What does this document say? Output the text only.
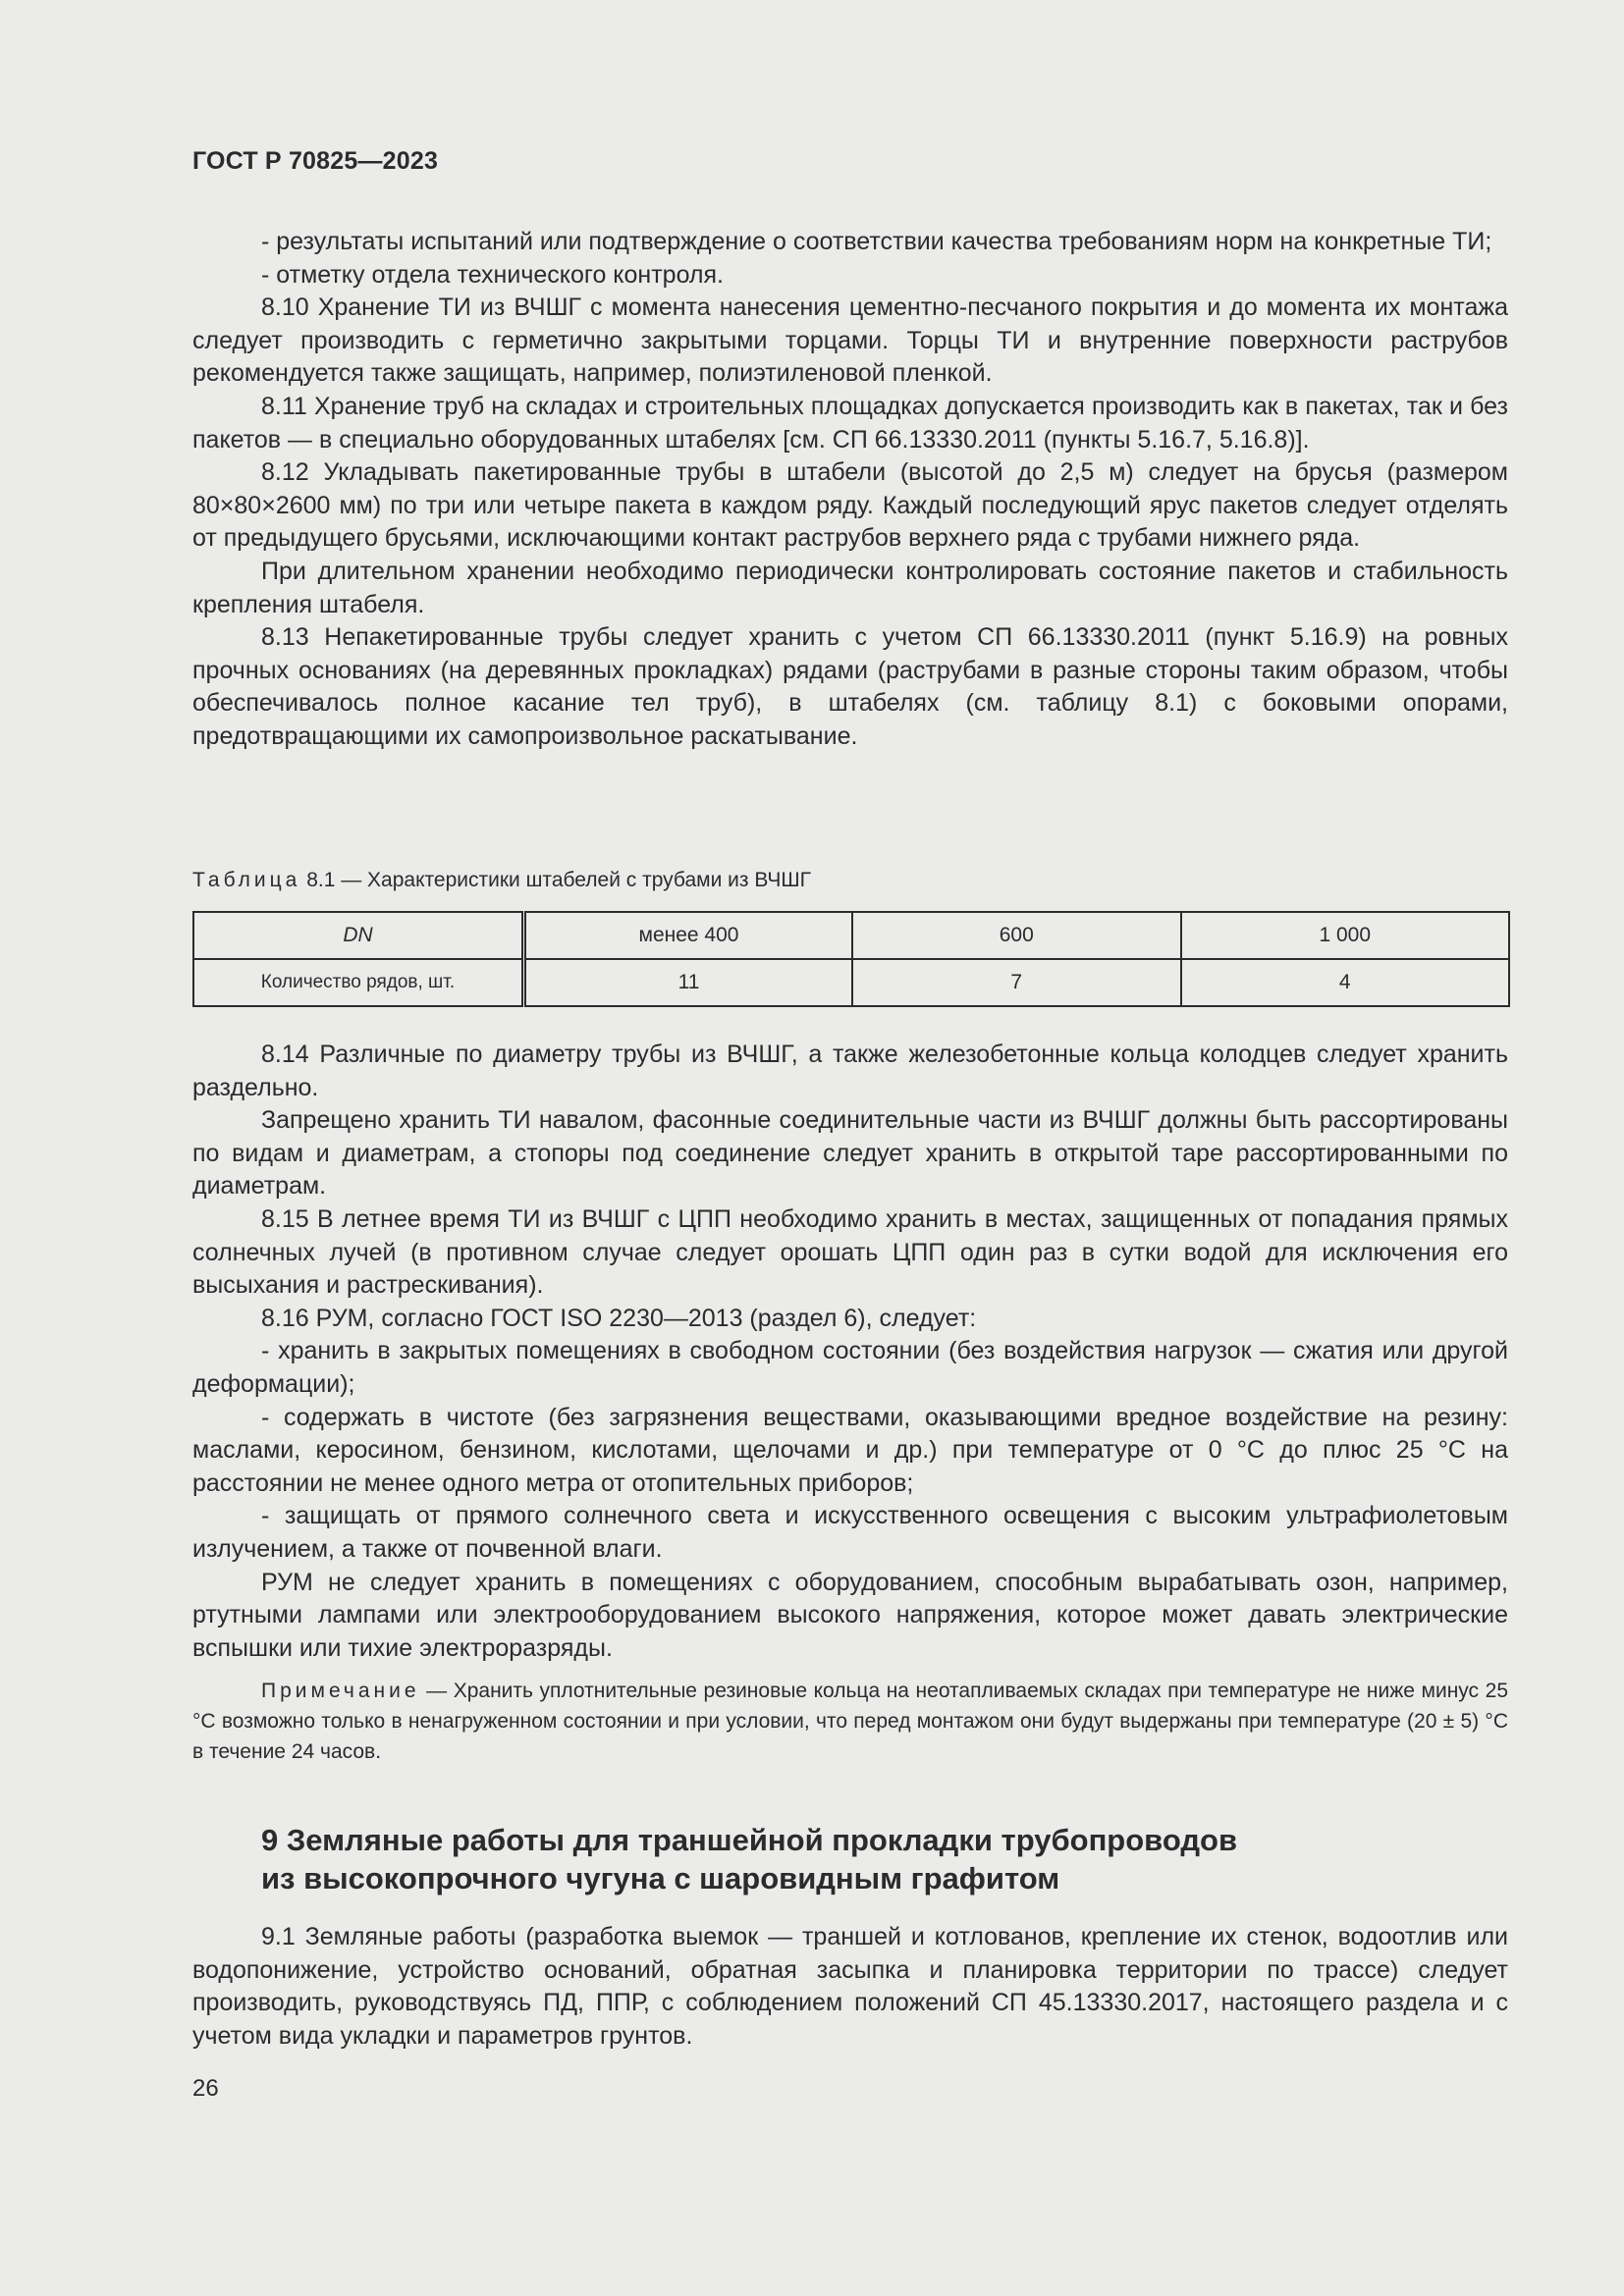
ГОСТ Р 70825—2023

- результаты испытаний или подтверждение о соответствии качества требованиям норм на конкретные ТИ;

- отметку отдела технического контроля.

8.10 Хранение ТИ из ВЧШГ с момента нанесения цементно-песчаного покрытия и до момента их монтажа следует производить с герметично закрытыми торцами. Торцы ТИ и внутренние поверхности раструбов рекомендуется также защищать, например, полиэтиленовой пленкой.

8.11 Хранение труб на складах и строительных площадках допускается производить как в пакетах, так и без пакетов — в специально оборудованных штабелях [см. СП 66.13330.2011 (пункты 5.16.7, 5.16.8)].

8.12 Укладывать пакетированные трубы в штабели (высотой до 2,5 м) следует на брусья (размером 80×80×2600 мм) по три или четыре пакета в каждом ряду. Каждый последующий ярус пакетов следует отделять от предыдущего брусьями, исключающими контакт раструбов верхнего ряда с трубами нижнего ряда.

При длительном хранении необходимо периодически контролировать состояние пакетов и стабильность крепления штабеля.

8.13 Непакетированные трубы следует хранить с учетом СП 66.13330.2011 (пункт 5.16.9) на ровных прочных основаниях (на деревянных прокладках) рядами (раструбами в разные стороны таким образом, чтобы обеспечивалось полное касание тел труб), в штабелях (см. таблицу 8.1) с боковыми опорами, предотвращающими их самопроизвольное раскатывание.

Таблица 8.1 — Характеристики штабелей с трубами из ВЧШГ
DN	менее 400	600	1 000
Количество рядов, шт.	11	7	4

8.14 Различные по диаметру трубы из ВЧШГ, а также железобетонные кольца колодцев следует хранить раздельно.

Запрещено хранить ТИ навалом, фасонные соединительные части из ВЧШГ должны быть рассортированы по видам и диаметрам, а стопоры под соединение следует хранить в открытой таре рассортированными по диаметрам.

8.15 В летнее время ТИ из ВЧШГ с ЦПП необходимо хранить в местах, защищенных от попадания прямых солнечных лучей (в противном случае следует орошать ЦПП один раз в сутки водой для исключения его высыхания и растрескивания).

8.16 РУМ, согласно ГОСТ ISO 2230—2013 (раздел 6), следует:

- хранить в закрытых помещениях в свободном состоянии (без воздействия нагрузок — сжатия или другой деформации);

- содержать в чистоте (без загрязнения веществами, оказывающими вредное воздействие на резину: маслами, керосином, бензином, кислотами, щелочами и др.) при температуре от 0 °С до плюс 25 °С на расстоянии не менее одного метра от отопительных приборов;

- защищать от прямого солнечного света и искусственного освещения с высоким ультрафиолетовым излучением, а также от почвенной влаги.

РУМ не следует хранить в помещениях с оборудованием, способным вырабатывать озон, например, ртутными лампами или электрооборудованием высокого напряжения, которое может давать электрические вспышки или тихие электроразряды.

Примечание — Хранить уплотнительные резиновые кольца на неотапливаемых складах при температуре не ниже минус 25 °С возможно только в ненагруженном состоянии и при условии, что перед монтажом они будут выдержаны при температуре (20 ± 5) °С в течение 24 часов.
9 Земляные работы для траншейной прокладки трубопроводов
из высокопрочного чугуна с шаровидным графитом

9.1 Земляные работы (разработка выемок — траншей и котлованов, крепление их стенок, водоотлив или водопонижение, устройство оснований, обратная засыпка и планировка территории по трассе) следует производить, руководствуясь ПД, ППР, с соблюдением положений СП 45.13330.2017, настоящего раздела и с учетом вида укладки и параметров грунтов.

26
